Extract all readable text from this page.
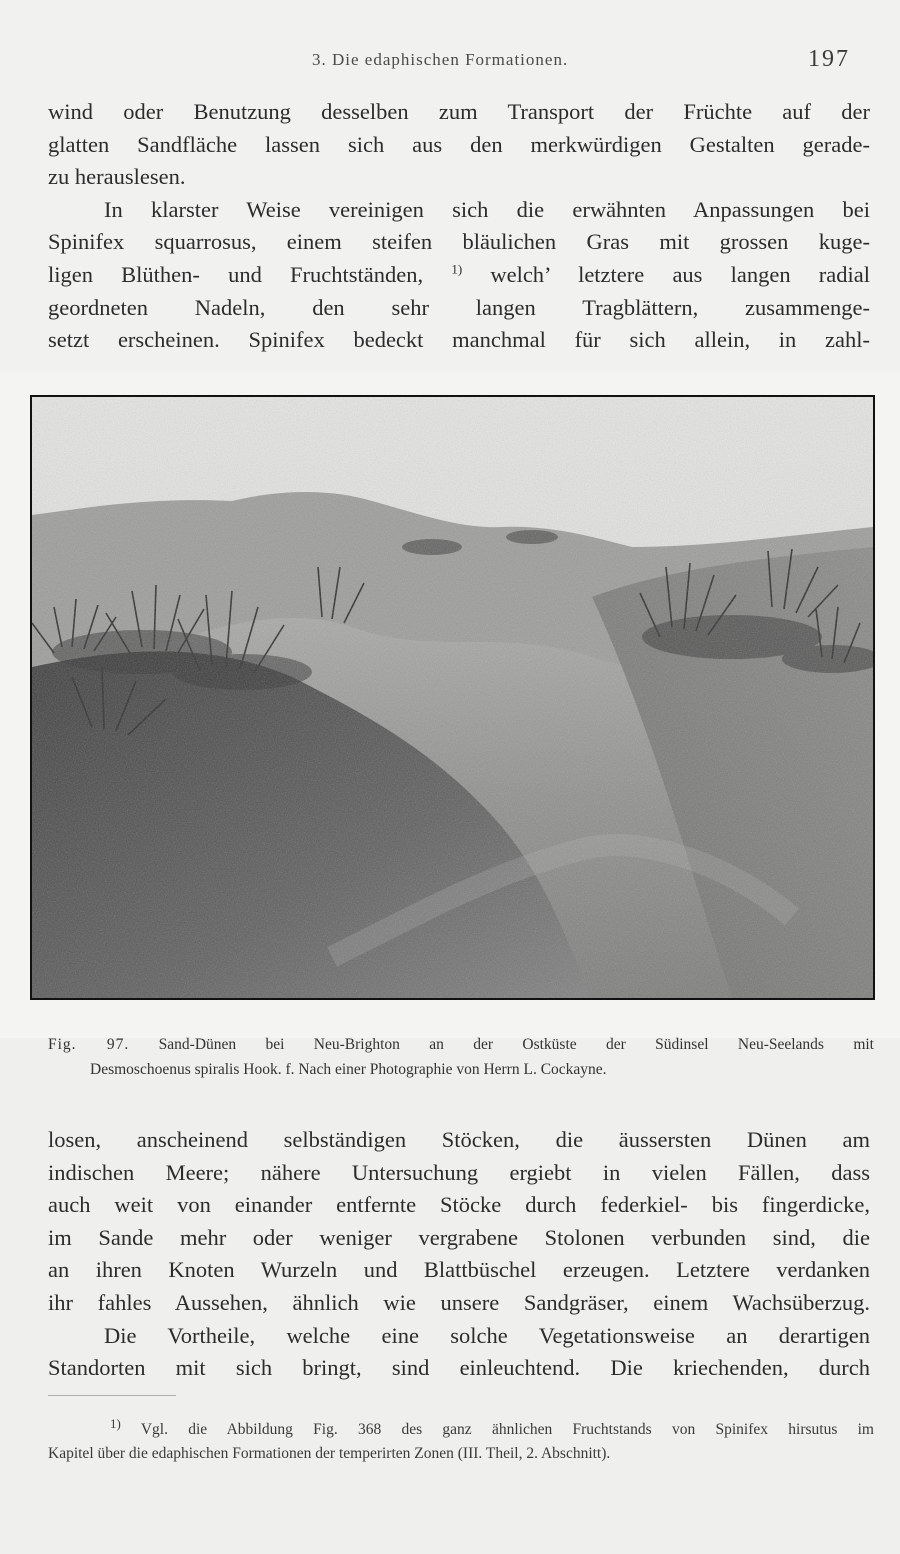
3. Die edaphischen Formationen.	197
wind oder Benutzung desselben zum Transport der Früchte auf der
glatten Sandfläche lassen sich aus den merkwürdigen Gestalten gerade-
zu herauslesen.
In klarster Weise vereinigen sich die erwähnten Anpassungen bei
Spinifex squarrosus, einem steifen bläulichen Gras mit grossen kuge-
ligen Blüthen- und Fruchtständen, $^{1)}$ welch’ letztere aus langen radial
geordneten Nadeln, den sehr langen Tragblättern, zusammenge-
setzt erscheinen. Spinifex bedeckt manchmal für sich allein, in zahl-
Fig. 97. Sand-Dünen bei Neu-Brighton an der Ostküste der Südinsel Neu-Seelands mit
Desmoschoenus spiralis Hook. f. Nach einer Photographie von Herrn L. Cockayne.
losen, anscheinend selbständigen Stöcken, die äussersten Dünen am
indischen Meere; nähere Untersuchung ergiebt in vielen Fällen, dass
auch weit von einander entfernte Stöcke durch federkiel- bis fingerdicke,
im Sande mehr oder weniger vergrabene Stolonen verbunden sind, die
an ihren Knoten Wurzeln und Blattbüschel erzeugen. Letztere verdanken
ihr fahles Aussehen, ähnlich wie unsere Sandgräser, einem Wachsüberzug.
Die Vortheile, welche eine solche Vegetationsweise an derartigen
Standorten mit sich bringt, sind einleuchtend. Die kriechenden, durch
$^{1)}$ Vgl. die Abbildung Fig. 368 des ganz ähnlichen Fruchtstands von Spinifex hirsutus im
Kapitel über die edaphischen Formationen der temperirten Zonen (III. Theil, 2. Abschnitt).
